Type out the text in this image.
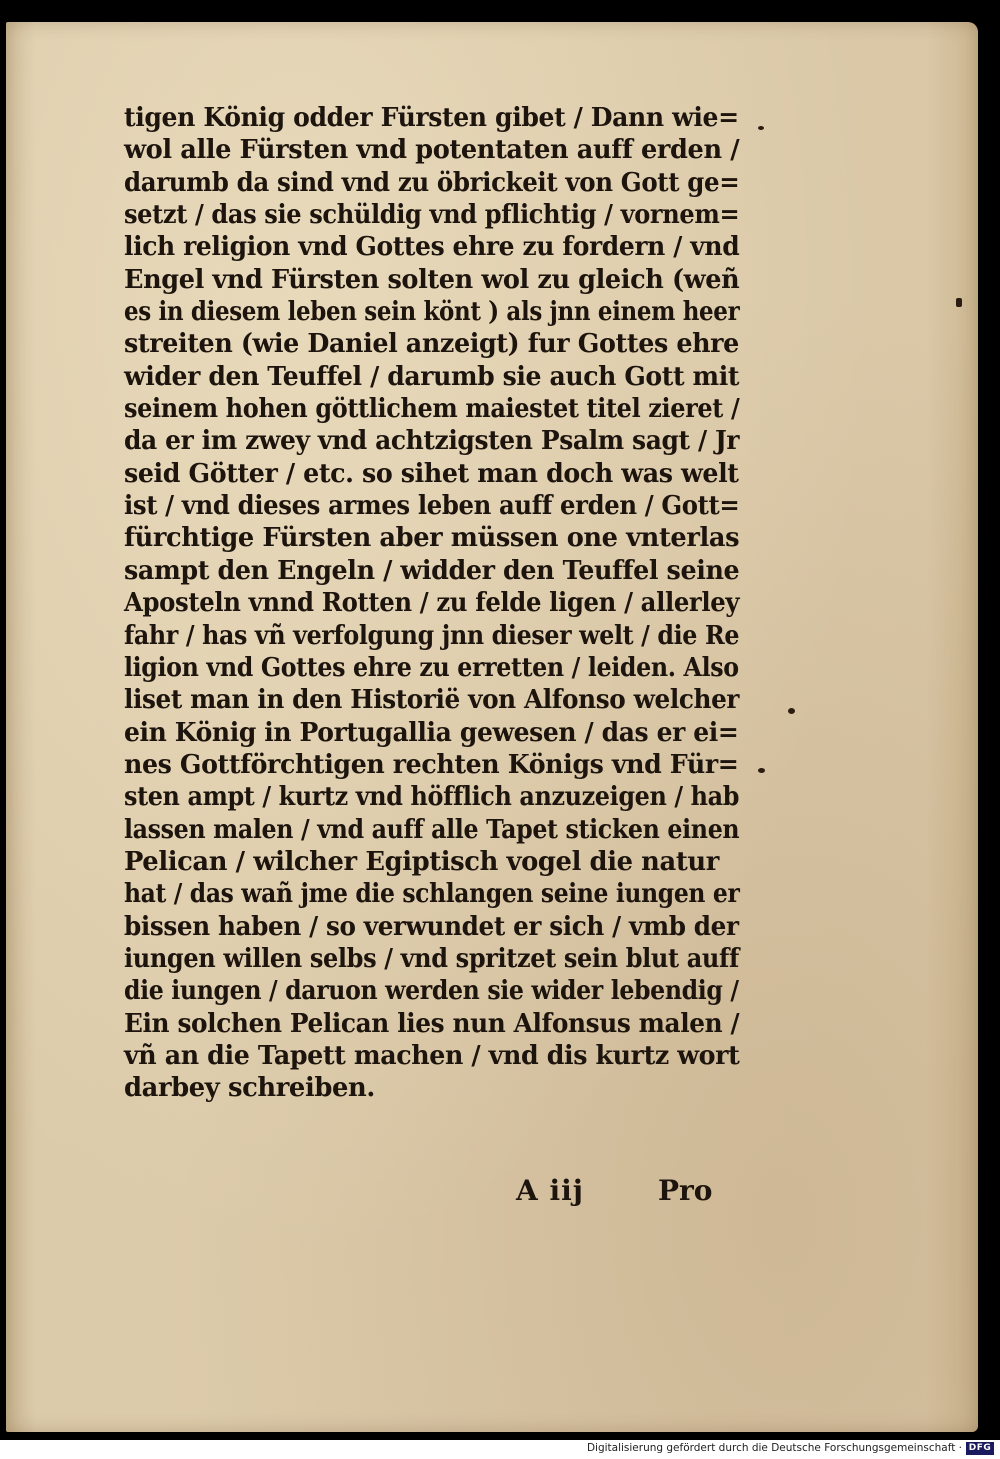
tigen König odder Fürsten gibet / Dann wie=
wol alle Fürsten vnd potentaten auff erden /
darumb da sind vnd zu öbrickeit von Gott ge=
setzt / das sie schüldig vnd pflichtig / vornem=
lich religion vnd Gottes ehre zu fordern / vnd
Engel vnd Fürsten solten wol zu gleich (weñ
es in diesem leben sein könt ) als jnn einem heer
streiten (wie Daniel anzeigt) fur Gottes ehre
wider den Teuffel / darumb sie auch Gott mit
seinem hohen göttlichem maiestet titel zieret /
da er im zwey vnd achtzigsten Psalm sagt / Jr
seid Götter / etc. so sihet man doch was welt
ist / vnd dieses armes leben auff erden / Gott=
fürchtige Fürsten aber müssen one vnterlas
sampt den Engeln / widder den Teuffel seine
Aposteln vnnd Rotten / zu felde ligen / allerley
fahr / has vñ verfolgung jnn dieser welt / die Re
ligion vnd Gottes ehre zu erretten / leiden. Also
liset man in den Historië von Alfonso welcher
ein König in Portugallia gewesen / das er ei=
nes Gottförchtigen rechten Königs vnd Für=
sten ampt / kurtz vnd höfflich anzuzeigen / hab
lassen malen / vnd auff alle Tapet sticken einen
Pelican / wilcher Egiptisch vogel die natur
hat / das wañ jme die schlangen seine iungen er
bissen haben / so verwundet er sich / vmb der
iungen willen selbs / vnd spritzet sein blut auff
die iungen / daruon werden sie wider lebendig /
Ein solchen Pelican lies nun Alfonsus malen /
vñ an die Tapett machen / vnd dis kurtz wort
darbey schreiben.
A iij	Pro
Digitalisierung gefördert durch die Deutsche Forschungsgemeinschaft · DFG
